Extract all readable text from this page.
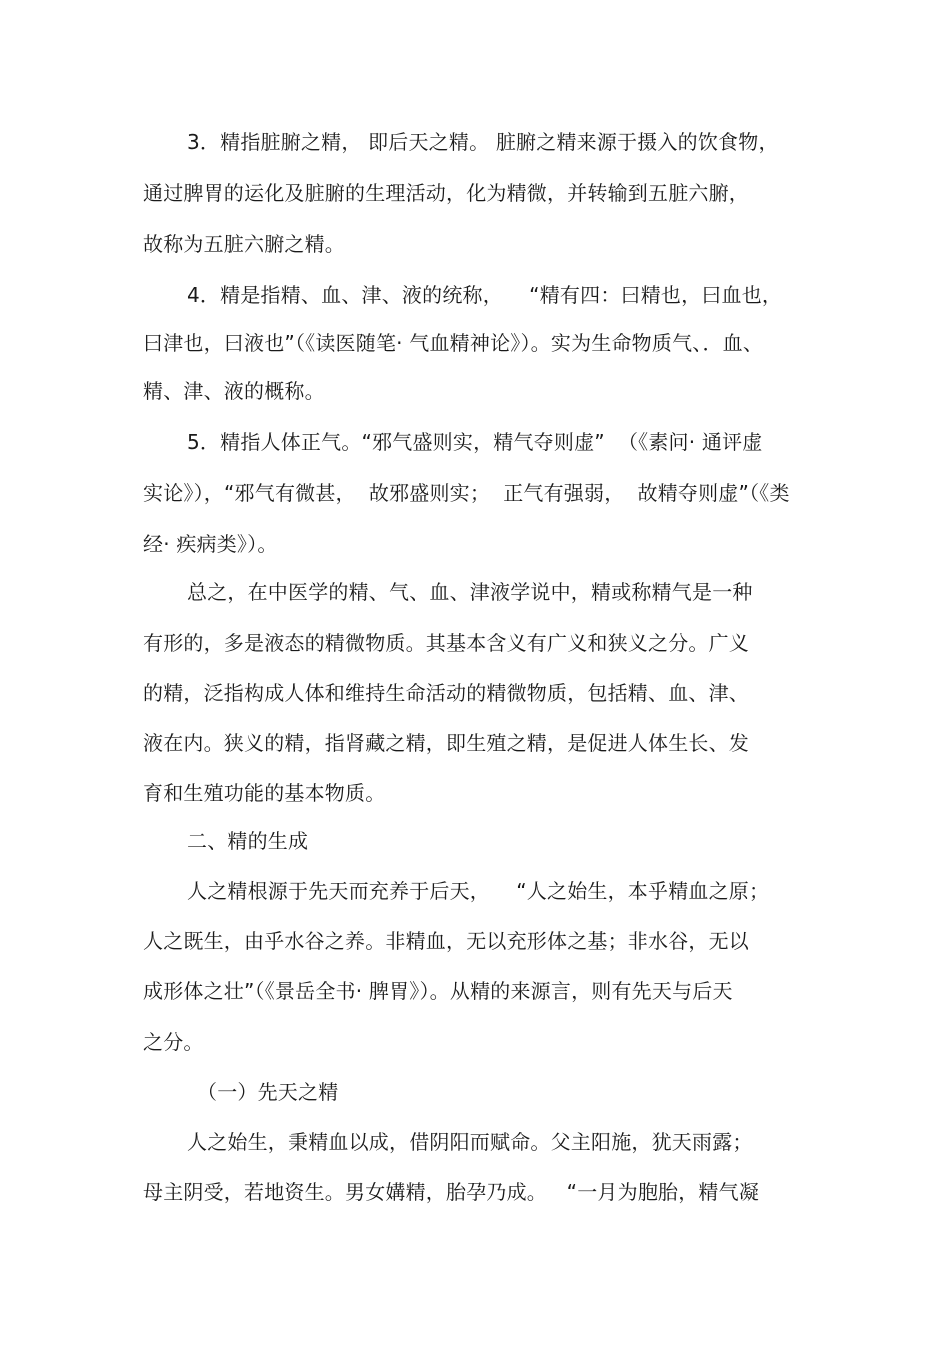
3．精指脏腑之精， 即后天之精。 脏腑之精来源于摄入的饮食物，
通过脾胃的运化及脏腑的生理活动，化为精微，并转输到五脏六腑，
故称为五脏六腑之精。
4．精是指精、血、津、液的统称，    “精有四：曰精也，曰血也，
曰津也，曰液也”（《读医随笔· 气血精神论》）。实为生命物质气、．血、
精、津、液的概称。
5．精指人体正气。“邪气盛则实，精气夺则虚”  （《素问· 通评虚
实论》），“邪气有微甚，  故邪盛则实；  正气有强弱，  故精夺则虚”（《类
经· 疾病类》）。
总之，在中医学的精、气、血、津液学说中，精或称精气是一种
有形的，多是液态的精微物质。其基本含义有广义和狭义之分。广义
的精，泛指构成人体和维持生命活动的精微物质，包括精、血、津、
液在内。狭义的精，指肾藏之精，即生殖之精，是促进人体生长、发
育和生殖功能的基本物质。
二、精的生成
人之精根源于先天而充养于后天，    “人之始生，本乎精血之原；
人之既生，由乎水谷之养。非精血，无以充形体之基；非水谷，无以
成形体之壮”（《景岳全书· 脾胃》）。从精的来源言，则有先天与后天
之分。
（一）先天之精
人之始生，秉精血以成，借阴阳而赋命。父主阳施，犹天雨露；
母主阴受，若地资生。男女媾精，胎孕乃成。   “一月为胞胎，精气凝
